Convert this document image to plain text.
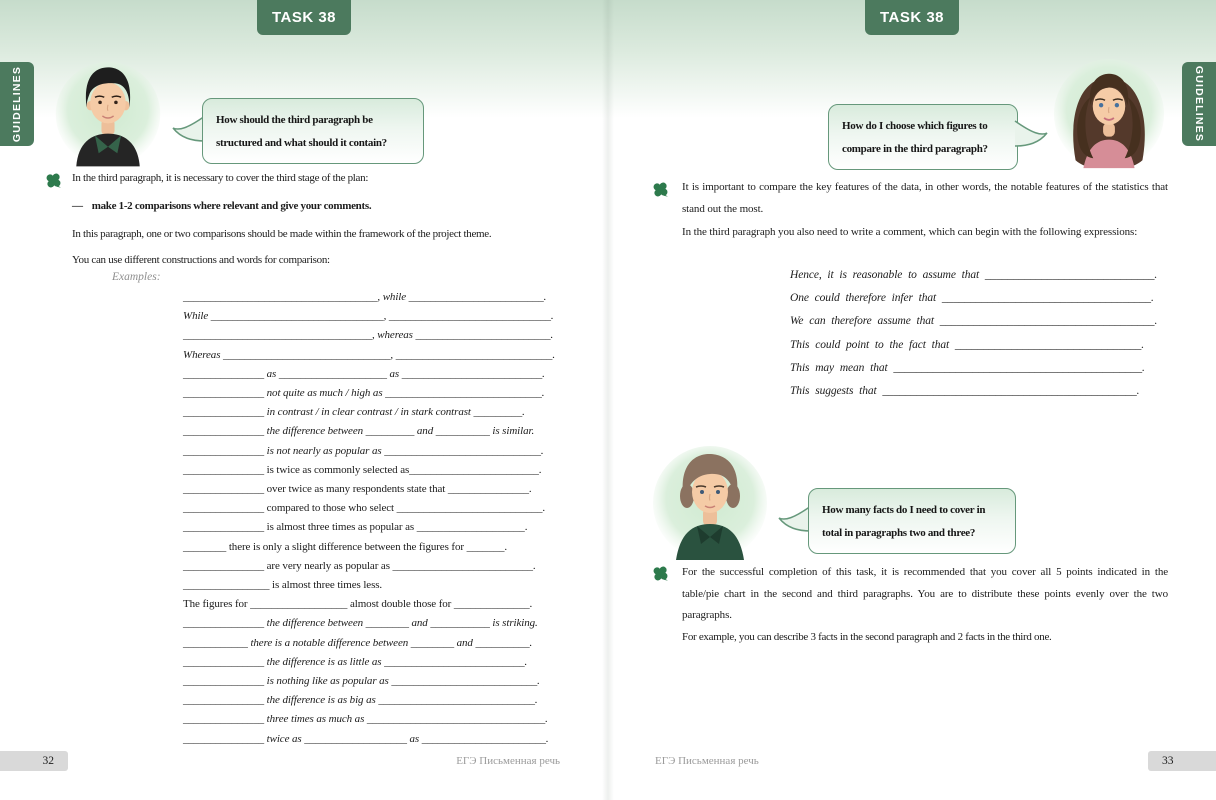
TASK 38	TASK 38
GUIDELINES	GUIDELINES
How should the third paragraph be structured and what should it contain?
In the third paragraph, it is necessary to cover the third stage of the plan:
— make 1-2 comparisons where relevant and give your comments.
In this paragraph, one or two comparisons should be made within the framework of the project theme.
You can use different constructions and words for comparison:
Examples:
____________________________________, while _________________________.
While ________________________________, ______________________________.
___________________________________, whereas _________________________.
Whereas _______________________________, _____________________________.
_______________ as ____________________ as __________________________.
_______________ not quite as much / high as _____________________________.
_______________ in contrast / in clear contrast / in stark contrast _________.
_______________ the difference between _________ and __________ is similar.
_______________ is not nearly as popular as _____________________________.
_______________ is twice as commonly selected as________________________.
_______________ over twice as many respondents state that _______________.
_______________ compared to those who select ___________________________.
_______________ is almost three times as popular as ____________________.
________ there is only a slight difference between the figures for _______.
_______________ are very nearly as popular as __________________________.
________________ is almost three times less.
The figures for __________________ almost double those for ______________.
_______________ the difference between ________ and ___________ is striking.
____________ there is a notable difference between ________ and __________.
_______________ the difference is as little as __________________________.
_______________ is nothing like as popular as ___________________________.
_______________ the difference is as big as _____________________________.
_______________ three times as much as _________________________________.
_______________ twice as ___________________ as _______________________.
How do I choose which figures to compare in the third paragraph?
It is important to compare the key features of the data, in other words, the notable features of the statistics that stand out the most.
In the third paragraph you also need to write a comment, which can begin with the following expressions:
Hence, it is reasonable to assume that ______________________________.
One could therefore infer that _____________________________________.
We can therefore assume that ______________________________________.
This could point to the fact that _________________________________.
This may mean that ____________________________________________.
This suggests that _____________________________________________.
How many facts do I need to cover in total in paragraphs two and three?
For the successful completion of this task, it is recommended that you cover all 5 points indicated in the table/pie chart in the second and third paragraphs. You are to distribute these points evenly over the two paragraphs.
For example, you can describe 3 facts in the second paragraph and 2 facts in the third one.
32	ЕГЭ Письменная речь	ЕГЭ Письменная речь	33
